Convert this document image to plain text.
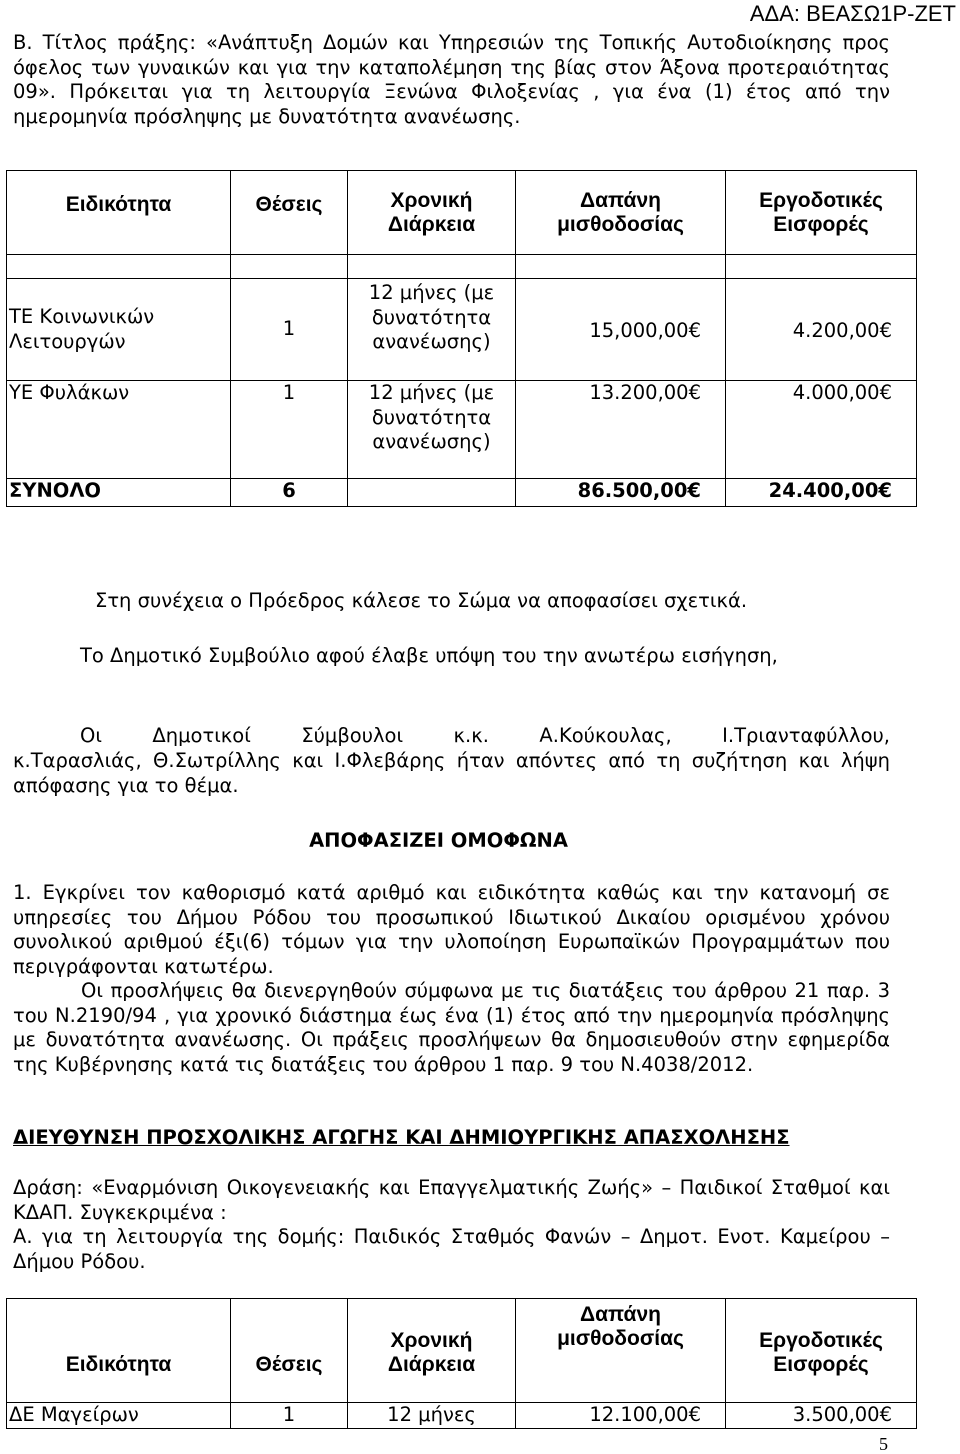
ΑΔΑ: ΒΕΑΣΩ1Ρ-ΖΕΤ
Β. Τίτλος πράξης: «Ανάπτυξη Δομών και Υπηρεσιών της Τοπικής Αυτοδιοίκησης προς όφελος των γυναικών και για την καταπολέμηση της βίας στον Άξονα προτεραιότητας 09». Πρόκειται για τη λειτουργία Ξενώνα Φιλοξενίας , για ένα (1) έτος από την ημερομηνία πρόσληψης με δυνατότητα ανανέωσης.
Ειδικότητα	Θέσεις	Χρονική Διάρκεια	Δαπάνη μισθοδοσίας	Εργοδοτικές Εισφορές

ΤΕ Κοινωνικών Λειτουργών	1	12 μήνες (με δυνατότητα ανανέωσης)	15,000,00€	4.200,00€
ΥΕ Φυλάκων	1	12 μήνες (με δυνατότητα ανανέωσης)	13.200,00€	4.000,00€
ΣΥΝΟΛΟ	6		86.500,00€	24.400,00€
Στη συνέχεια ο Πρόεδρος κάλεσε το Σώμα να αποφασίσει σχετικά.
Το Δημοτικό Συμβούλιο αφού έλαβε υπόψη του την ανωτέρω εισήγηση,
Οι Δημοτικοί Σύμβουλοι κ.κ. Α.Κούκουλας, Ι.Τριανταφύλλου,
κ.Ταρασλιάς, Θ.Σωτρίλλης και Ι.Φλεβάρης ήταν απόντες από τη συζήτηση και λήψη απόφασης για το θέμα.
ΑΠΟΦΑΣΙΖΕΙ ΟΜΟΦΩΝΑ
1. Εγκρίνει τον καθορισμό κατά αριθμό και ειδικότητα καθώς και την κατανομή σε υπηρεσίες του Δήμου Ρόδου του προσωπικού Ιδιωτικού Δικαίου ορισμένου χρόνου συνολικού αριθμού έξι(6) τόμων για την υλοποίηση Ευρωπαϊκών Προγραμμάτων που περιγράφονται κατωτέρω.
Οι προσλήψεις θα διενεργηθούν σύμφωνα με τις διατάξεις του άρθρου 21 παρ. 3 του Ν.2190/94 , για χρονικό διάστημα έως ένα (1) έτος από την ημερομηνία πρόσληψης με δυνατότητα ανανέωσης. Οι πράξεις προσλήψεων θα δημοσιευθούν στην εφημερίδα της Κυβέρνησης κατά τις διατάξεις του άρθρου 1 παρ. 9 του Ν.4038/2012.
ΔΙΕΥΘΥΝΣΗ ΠΡΟΣΧΟΛΙΚΗΣ ΑΓΩΓΗΣ ΚΑΙ ΔΗΜΙΟΥΡΓΙΚΗΣ ΑΠΑΣΧΟΛΗΣΗΣ
Δράση: «Εναρμόνιση Οικογενειακής και Επαγγελματικής Ζωής» – Παιδικοί Σταθμοί και ΚΔΑΠ. Συγκεκριμένα :
Α. για τη λειτουργία της δομής: Παιδικός Σταθμός Φανών – Δημοτ. Ενοτ. Καμείρου – Δήμου Ρόδου.
Ειδικότητα	Θέσεις	Χρονική Διάρκεια	Δαπάνη μισθοδοσίας	Εργοδοτικές Εισφορές
ΔΕ Μαγείρων	1	12 μήνες	12.100,00€	3.500,00€
5
